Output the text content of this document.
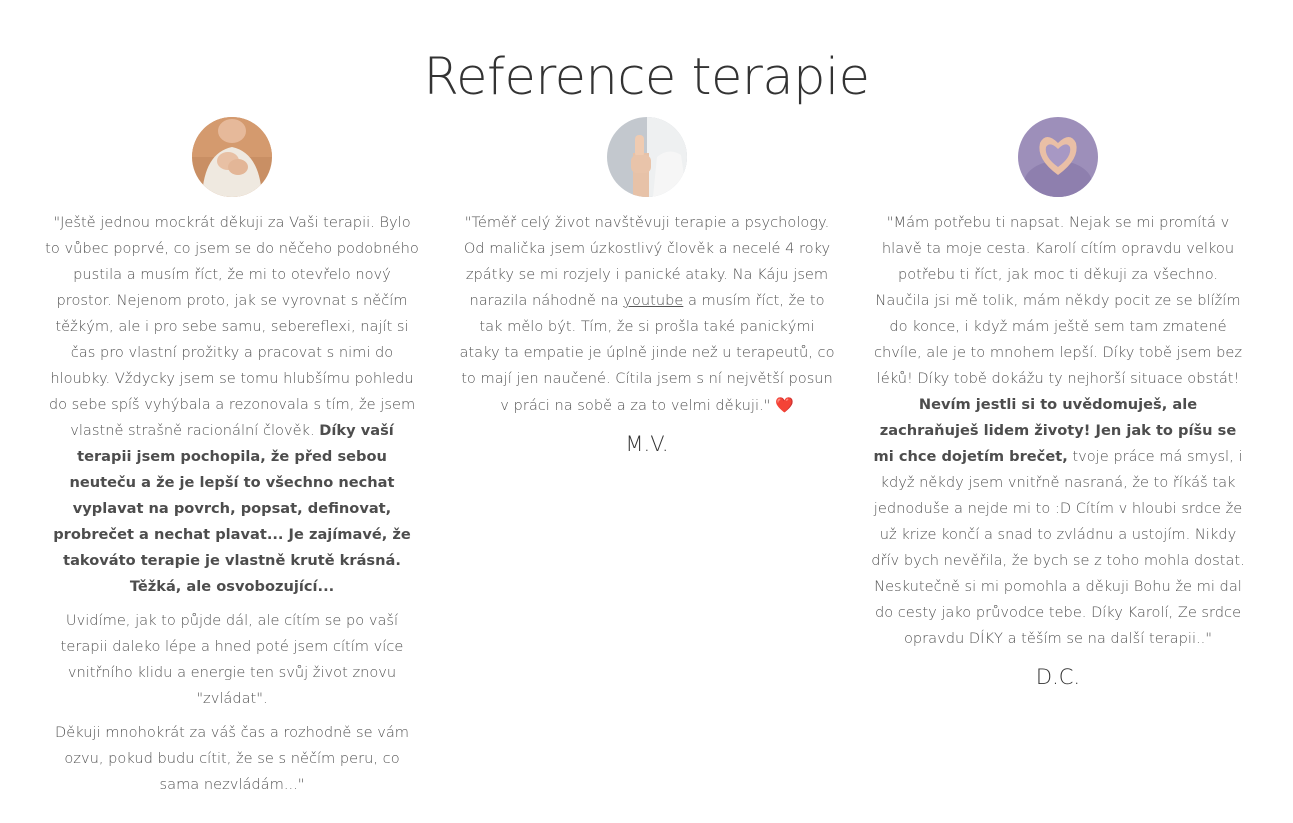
Reference terapie

"Ještě jednou mockrát děkuji za Vaši terapii. Bylo to vůbec poprvé, co jsem se do něčeho podobného pustila a musím říct, že mi to otevřelo nový prostor. Nejenom proto, jak se vyrovnat s něčím těžkým, ale i pro sebe samu, sebereflexi, najít si čas pro vlastní prožitky a pracovat s nimi do hloubky. Vždycky jsem se tomu hlubšímu pohledu do sebe spíš vyhýbala a rezonovala s tím, že jsem vlastně strašně racionální člověk. Díky vaší terapii jsem pochopila, že před sebou neuteču a že je lepší to všechno nechat vyplavat na povrch, popsat, definovat, probrečet a nechat plavat... Je zajímavé, že takováto terapie je vlastně krutě krásná. Těžká, ale osvobozující...

Uvidíme, jak to půjde dál, ale cítím se po vaší terapii daleko lépe a hned poté jsem cítím více vnitřního klidu a energie ten svůj život znovu "zvládat".

Děkuji mnohokrát za váš čas a rozhodně se vám ozvu, pokud budu cítit, že se s něčím peru, co sama nezvládám..."

"Téměř celý život navštěvuji terapie a psychology. Od malička jsem úzkostlivý člověk a necelé 4 roky zpátky se mi rozjely i panické ataky. Na Káju jsem narazila náhodně na youtube a musím říct, že to tak mělo být. Tím, že si prošla také panickými ataky ta empatie je úplně jinde než u terapeutů, co to mají jen naučené. Cítila jsem s ní největší posun v práci na sobě a za to velmi děkuji." ❤️

M.V.

"Mám potřebu ti napsat. Nejak se mi promítá v hlavě ta moje cesta. Karolí cítím opravdu velkou potřebu ti říct, jak moc ti děkuji za všechno. Naučila jsi mě tolik, mám někdy pocit ze se blížím do konce, i když mám ještě sem tam zmatené chvíle, ale je to mnohem lepší. Díky tobě jsem bez léků! Díky tobě dokážu ty nejhorší situace obstát! Nevím jestli si to uvědomuješ, ale zachraňuješ lidem životy! Jen jak to píšu se mi chce dojetím brečet, tvoje práce má smysl, i když někdy jsem vnitřně nasraná, že to říkáš tak jednoduše a nejde mi to :D Cítím v hloubi srdce že už krize končí a snad to zvládnu a ustojím. Nikdy dřív bych nevěřila, že bych se z toho mohla dostat. Neskutečně si mi pomohla a děkuji Bohu že mi dal do cesty jako průvodce tebe. Díky Karolí, Ze srdce opravdu DÍKY a těším se na další terapii.."

D.C.
